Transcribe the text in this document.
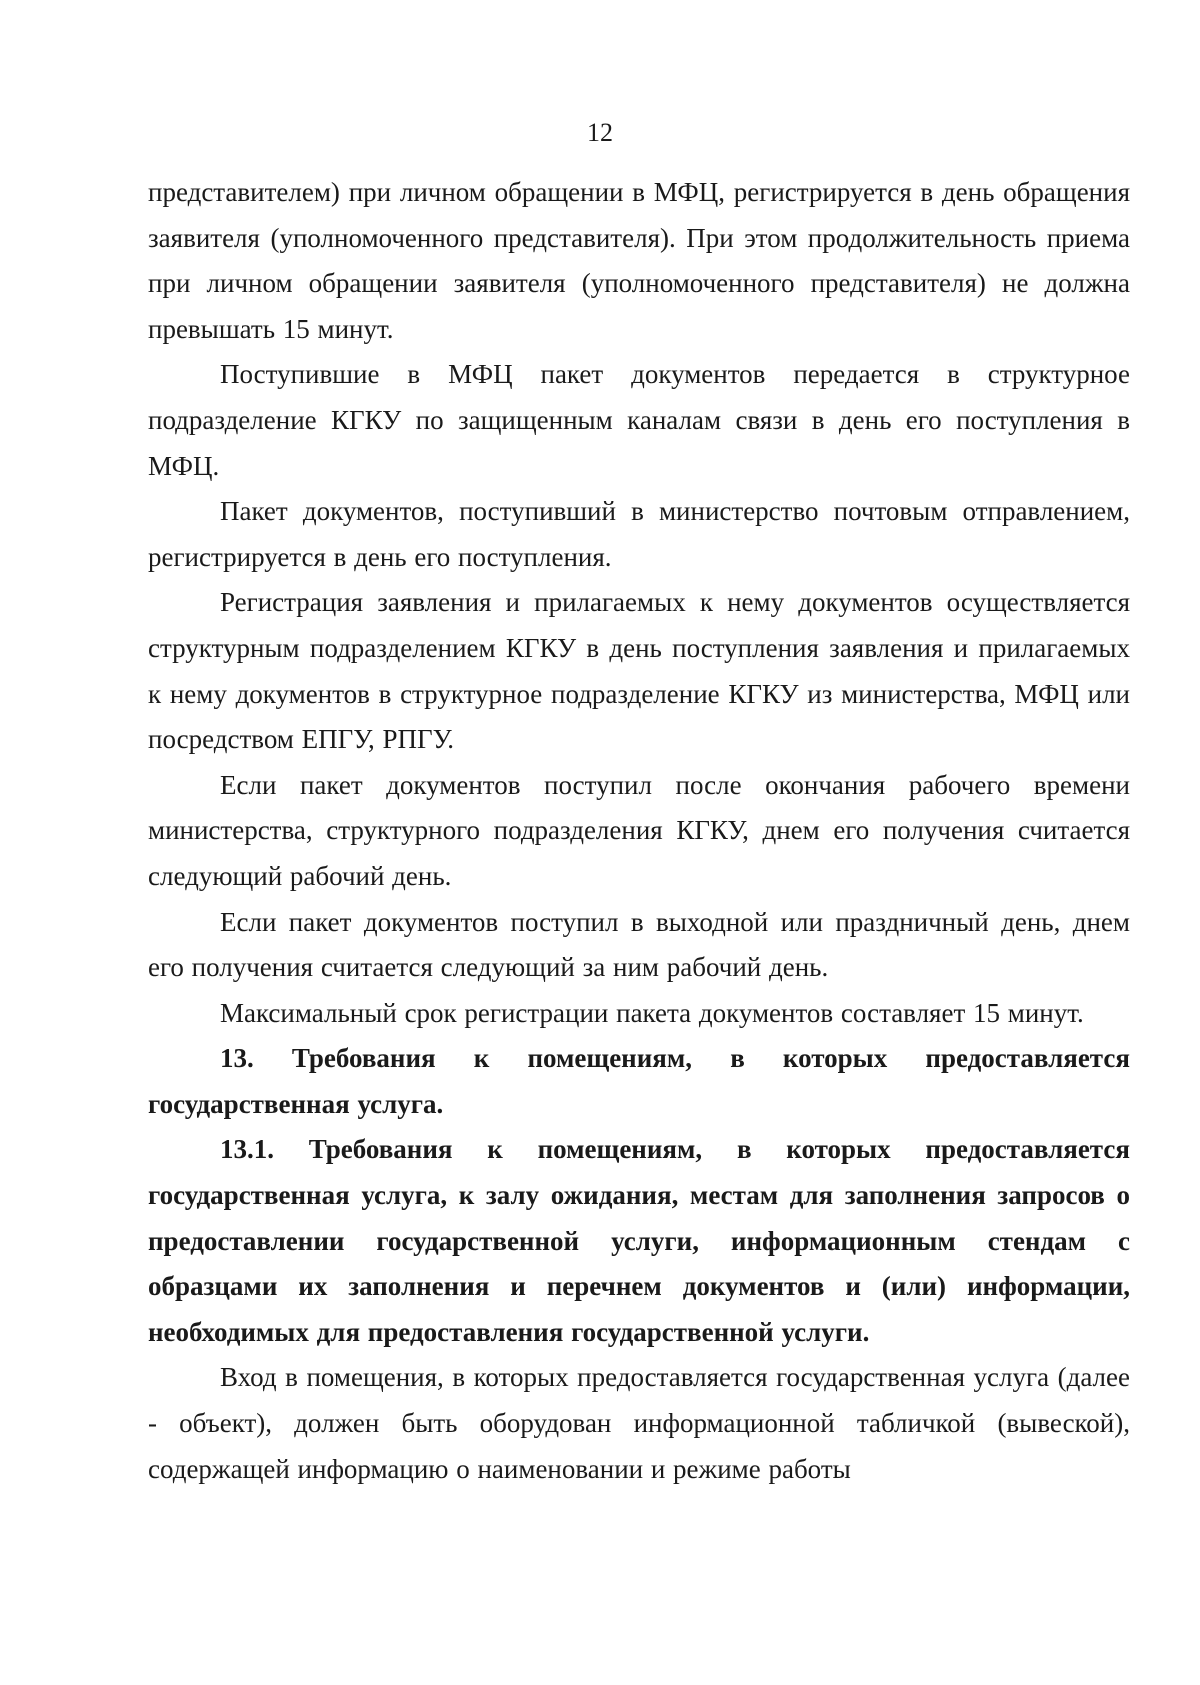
12

представителем) при личном обращении в МФЦ, регистрируется в день обращения заявителя (уполномоченного представителя). При этом продолжительность приема при личном обращении заявителя (уполномоченного представителя) не должна превышать 15 минут.

Поступившие в МФЦ пакет документов передается в структурное подразделение КГКУ по защищенным каналам связи в день его поступления в МФЦ.

Пакет документов, поступивший в министерство почтовым отправлением, регистрируется в день его поступления.

Регистрация заявления и прилагаемых к нему документов осуществляется структурным подразделением КГКУ в день поступления заявления и прилагаемых к нему документов в структурное подразделение КГКУ из министерства, МФЦ или посредством ЕПГУ, РПГУ.

Если пакет документов поступил после окончания рабочего времени министерства, структурного подразделения КГКУ, днем его получения считается следующий рабочий день.

Если пакет документов поступил в выходной или праздничный день, днем его получения считается следующий за ним рабочий день.

Максимальный срок регистрации пакета документов составляет 15 минут.

13. Требования к помещениям, в которых предоставляется государственная услуга.

13.1. Требования к помещениям, в которых предоставляется государственная услуга, к залу ожидания, местам для заполнения запросов о предоставлении государственной услуги, информационным стендам с образцами их заполнения и перечнем документов и (или) информации, необходимых для предоставления государственной услуги.

Вход в помещения, в которых предоставляется государственная услуга (далее - объект), должен быть оборудован информационной табличкой (вывеской), содержащей информацию о наименовании и режиме работы
